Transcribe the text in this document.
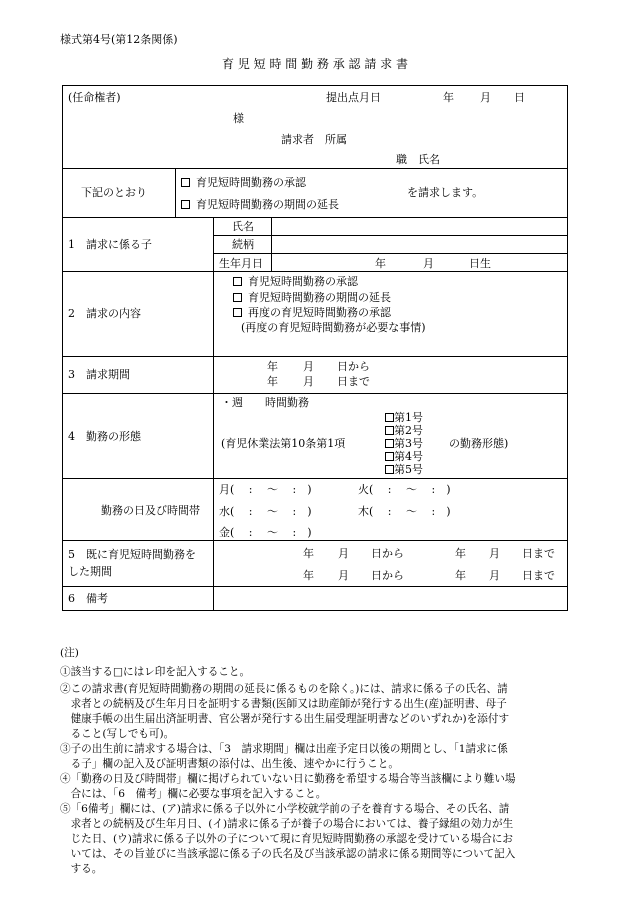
様式第4号(第12条関係)
育 児 短 時 間 勤 務 承 認 請 求 書
(任命権者)	提出点月日	年 月 日
様
請求者　所属
職　氏名
下記のとおり
育児短時間勤務の承認
育児短時間勤務の期間の延長
を請求します。
1　請求に係る子
氏名
続柄
生年月日	年	月	日生
2　請求の内容
育児短時間勤務の承認
育児短時間勤務の期間の延長
再度の育児短時間勤務の承認
(再度の育児短時間勤務が必要な事情)
3　請求期間
年 月 日から
年 月 日まで
4　勤務の形態
・週　　時間勤務
(育児休業法第10条第1項
第1号
第2号
第3号
第4号
第5号
の勤務形態)
勤務の日及び時間帯
月(　 :　 〜　 :　)	火(　 :　 〜　 :　)
水(　 :　 〜　 :　)	木(　 :　 〜　 :　)
金(　 :　 〜　 :　)
5　既に育児短時間勤務を
した期間
年 月 日から	年 月 日まで
年 月 日から	年 月 日まで
6　備考
(注)
①該当する□にはレ印を記入すること。
②この請求書(育児短時間勤務の期間の延長に係るものを除く。)には、請求に係る子の氏名、請
　求者との続柄及び生年月日を証明する書類(医師又は助産師が発行する出生(産)証明書、母子
　健康手帳の出生届出済証明書、官公署が発行する出生届受理証明書などのいずれか)を添付す
　ること(写しでも可)。
③子の出生前に請求する場合は、「3　請求期間」欄は出産予定日以後の期間とし、「1請求に係
　る子」欄の記入及び証明書類の添付は、出生後、速やかに行うこと。
④「勤務の日及び時間帯」欄に掲げられていない日に勤務を希望する場合等当該欄により難い場
　合には、「6　備考」欄に必要な事項を記入すること。
⑤「6備考」欄には、(ア)請求に係る子以外に小学校就学前の子を養育する場合、その氏名、請
　求者との続柄及び生年月日、(イ)請求に係る子が養子の場合においては、養子縁組の効力が生
　じた日、(ウ)請求に係る子以外の子について現に育児短時間勤務の承認を受けている場合にお
　いては、その旨並びに当該承認に係る子の氏名及び当該承認の請求に係る期間等について記入
　する。
